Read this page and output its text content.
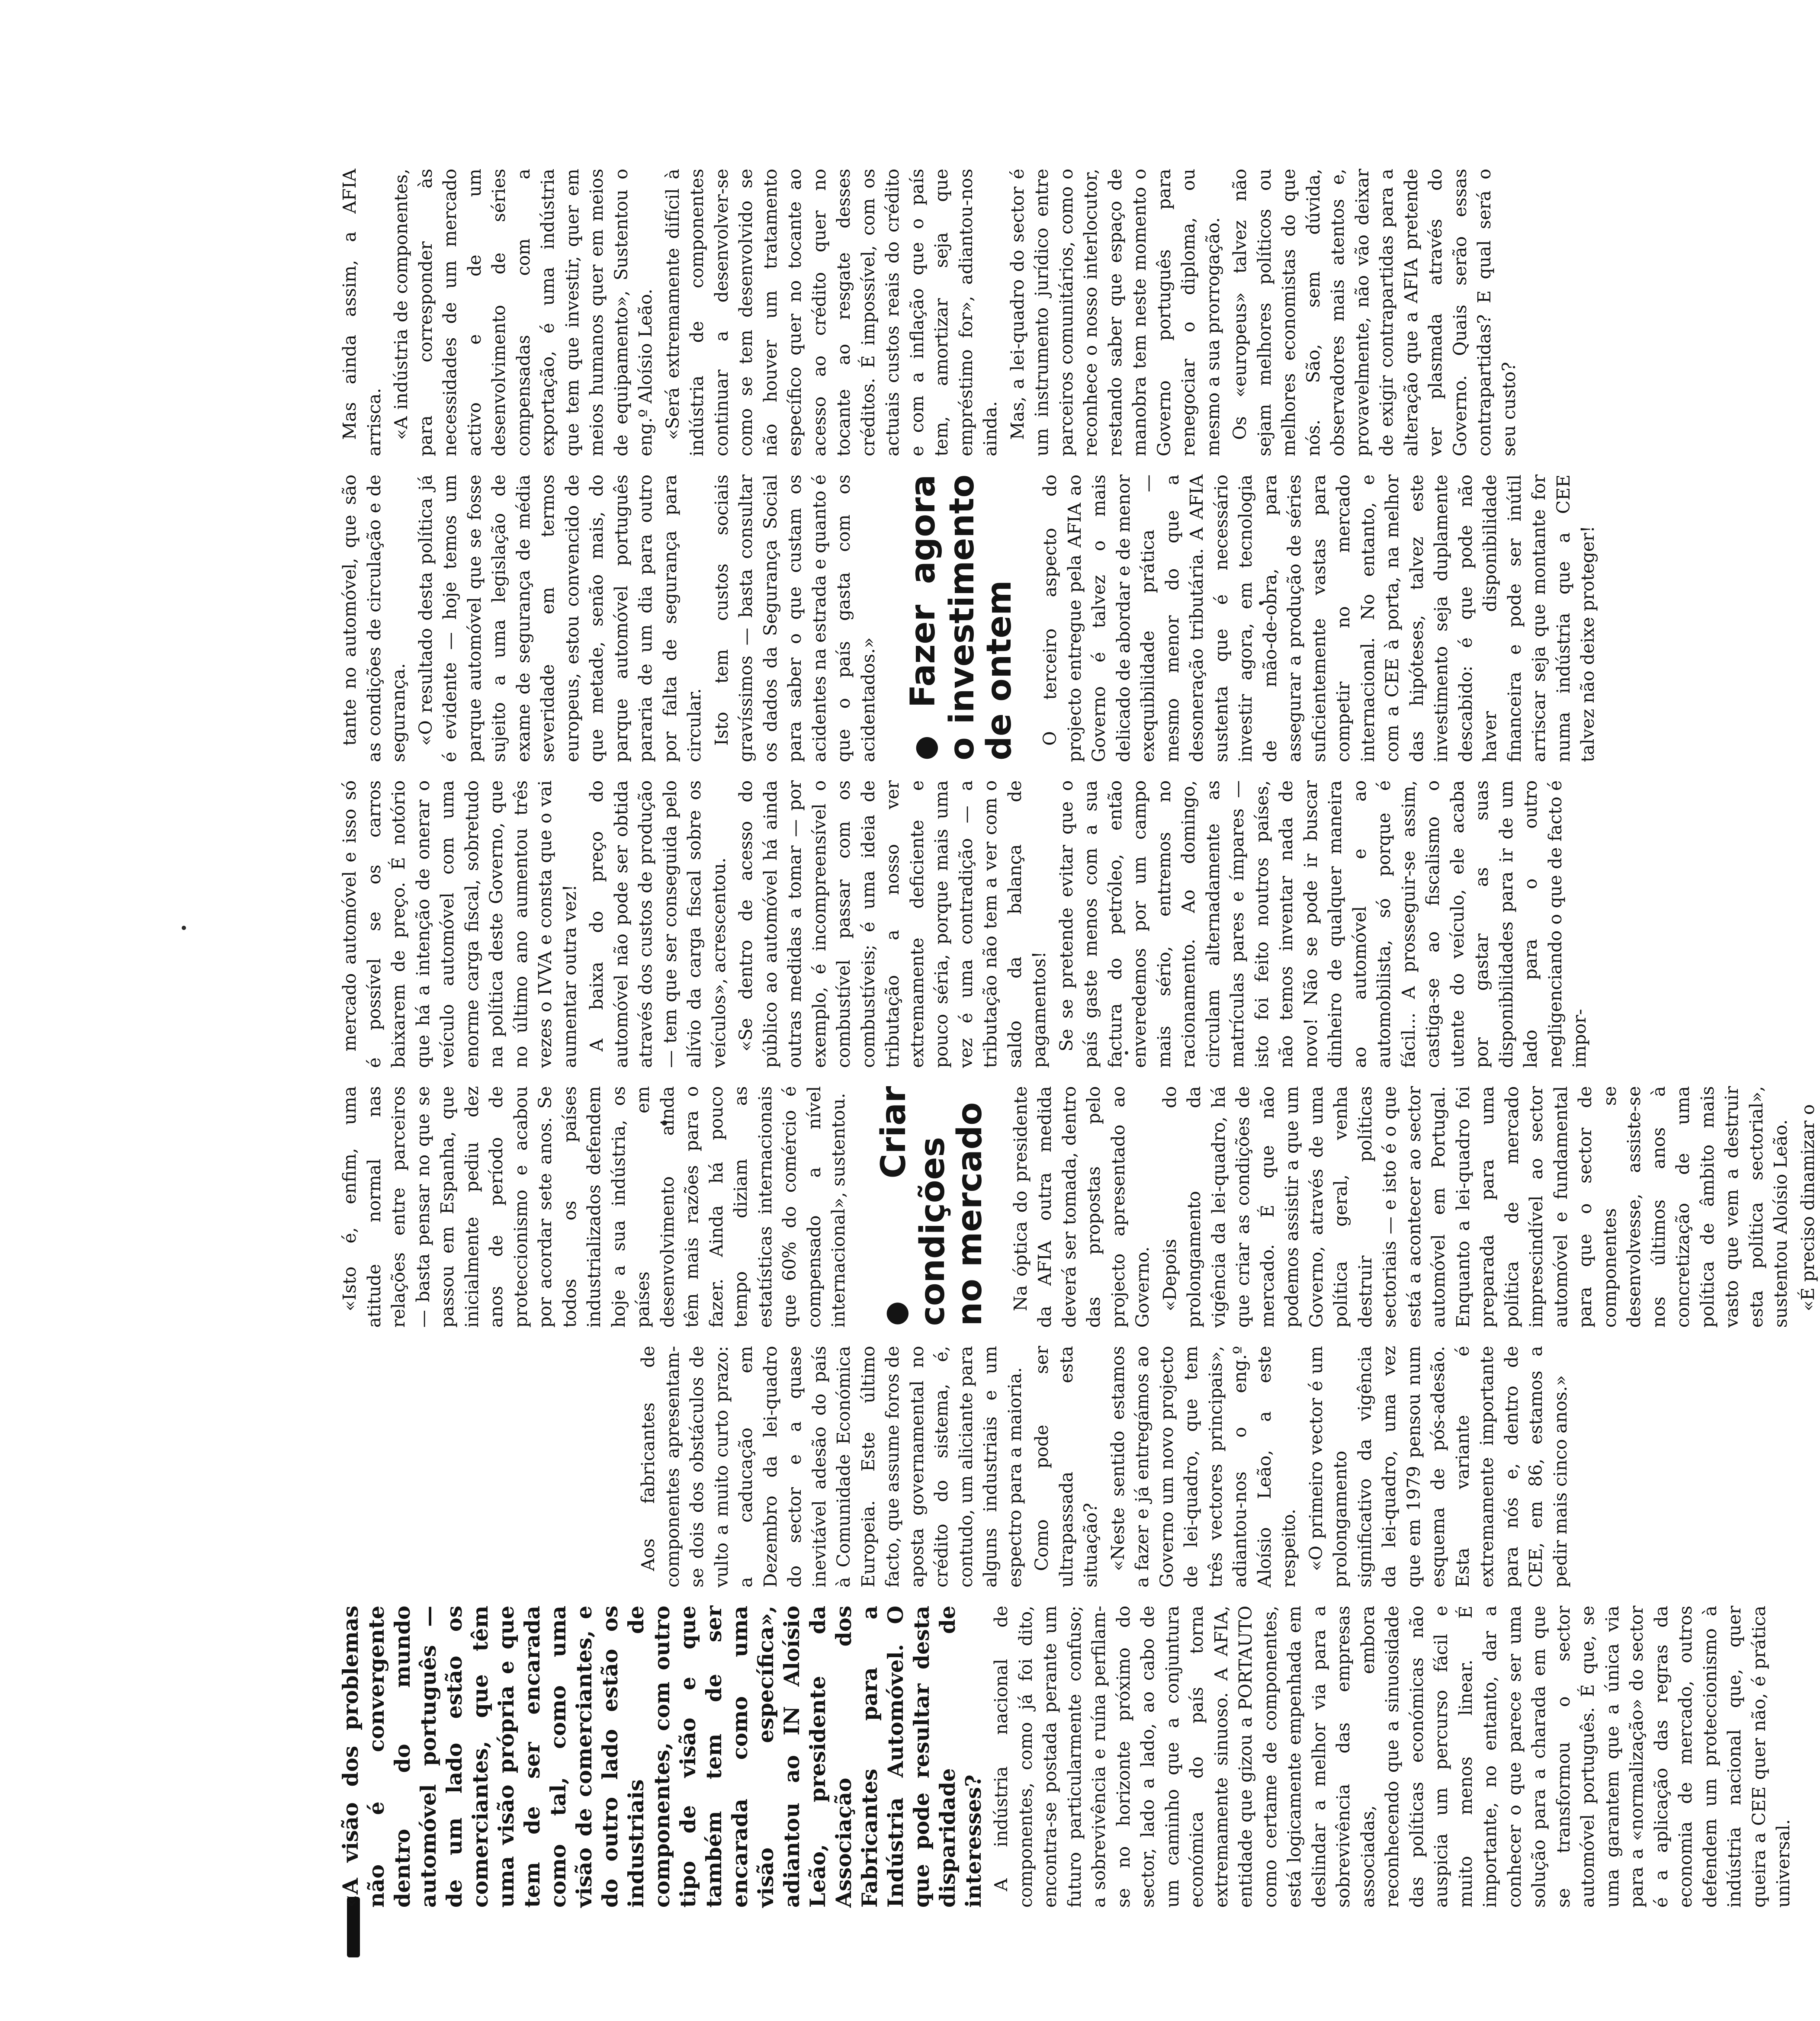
«A visão dos problemas não é convergente dentro do mundo automóvel português — de um lado estão os comerciantes, que têm uma visão própria e que tem de ser encarada como tal, como uma visão de comerciantes, e do outro lado estão os industriais de componentes, com outro tipo de visão e que também tem de ser encarada como uma visão específica», adiantou ao IN Aloísio Leão, presidente da Associação dos Fabricantes para a Indústria Automóvel. O que pode resultar desta disparidade de interesses? A indústria nacional de componentes, como já foi dito, encontra-se postada perante um futuro particularmente confuso; a sobrevivência e ruína perfilam-se no horizonte próximo do sector, lado a lado, ao cabo de um caminho que a conjuntura económica do país torna extremamente sinuoso. A AFIA, entidade que gizou a PORTAUTO como certame de componentes, está logicamente empenhada em deslindar a melhor via para a sobrevivência das empresas associadas, embora reconhecendo que a sinuosidade das políticas económicas não auspicia um percurso fácil e muito menos linear. É importante, no entanto, dar a conhecer o que parece ser uma solução para a charada em que se transformou o sector automóvel português. É que, se uma garantem que a única via para a «normalização» do sector é a aplicação das regras da economia de mercado, outros defendem um proteccionismo à indústria nacional que, quer queira a CEE quer não, é prática universal.

Aos fabricantes de componentes apresentam-se dois dos obstáculos de vulto a muito curto prazo: a caducação em Dezembro da lei-quadro do sector e a quase inevitável adesão do país à Comunidade Económica Europeia. Este último facto, que assume foros de aposta governamental no crédito do sistema, é, contudo, um aliciante para alguns industriais e um espectro para a maioria. Como pode ser ultrapassada esta situação? «Neste sentido estamos a fazer e já entregámos ao Governo um novo projecto de lei-quadro, que tem três vectores principais», adiantou-nos o eng.º Aloísio Leão, a este respeito. «O primeiro vector é um prolongamento significativo da vigência da lei-quadro, uma vez que em 1979 pensou num esquema de pós-adesão. Esta variante é extremamente importante para nós e, dentro de CEE, em 86, estamos a pedir mais cinco anos.»

«Isto é, enfim, uma atitude normal nas relações entre parceiros — basta pensar no que se passou em Espanha, que inicialmente pediu dez anos de período de proteccionismo e acabou por acordar sete anos. Se todos os países industrializados defendem hoje a sua indústria, os países em desenvolvimento ainda têm mais razões para o fazer. Ainda há pouco tempo diziam as estatísticas internacionais que 60% do comércio é compensado a nível internacional», sustentou. ● Criar condições no mercado Na óptica do presidente da AFIA outra medida deverá ser tomada, dentro das propostas pelo projecto apresentado ao Governo. «Depois do prolongamento da vigência da lei-quadro, há que criar as condições de mercado. É que não podemos assistir a que um Governo, através de uma política geral, venha destruir políticas sectoriais — e isto é o que está a acontecer ao sector automóvel em Portugal. Enquanto a lei-quadro foi preparada para uma política de mercado imprescindível ao sector automóvel e fundamental para que o sector de componentes se desenvolvesse, assiste-se nos últimos anos à concretização de uma política de âmbito mais vasto que vem a destruir esta política sectorial», sustentou Aloísio Leão. «É preciso dinamizar o

mercado automóvel e isso só é possível se os carros baixarem de preço. É notório que há a intenção de onerar o veículo automóvel com uma enorme carga fiscal, sobretudo na política deste Governo, que no último ano aumentou três vezes o IVVA e consta que o vai aumentar outra vez! A baixa do preço do automóvel não pode ser obtida através dos custos de produção — tem que ser conseguida pelo alívio da carga fiscal sobre os veículos», acrescentou. «Se dentro de acesso do público ao automóvel há ainda outras medidas a tomar — por exemplo, é incompreensível o combustível passar com os combustíveis; é uma ideia de tributação a nosso ver extremamente deficiente e pouco séria, porque mais uma vez é uma contradição — a tributação não tem a ver com o saldo da balança de pagamentos! Se se pretende evitar que o país gaste menos com a sua factura do petróleo, então enveredemos por um campo mais sério, entremos no racionamento. Ao domingo, circulam alternadamente as matrículas pares e ímpares — isto foi feito noutros países, não temos inventar nada de novo! Não se pode ir buscar dinheiro de qualquer maneira ao automóvel e ao automobilista, só porque é fácil... A prosseguir-se assim, castiga-se ao fiscalismo o utente do veículo, ele acaba por gastar as suas disponibilidades para ir de um lado para o outro negligenciando o que de facto é impor-

tante no automóvel, que são as condições de circulação e de segurança. «O resultado desta política já é evidente — hoje temos um parque automóvel que se fosse sujeito a uma legislação de exame de segurança de média severidade em termos europeus, estou convencido de que metade, senão mais, do parque automóvel português pararia de um dia para outro por falta de segurança para circular. Isto tem custos sociais gravíssimos — basta consultar os dados da Segurança Social para saber o que custam os acidentes na estrada e quanto é que o país gasta com os acidentados.» ● Fazer agora o investimento de ontem O terceiro aspecto do projecto entregue pela AFIA ao Governo é talvez o mais delicado de abordar e de menor exequibilidade prática — mesmo menor do que a desoneração tributária. A AFIA sustenta que é necessário investir agora, em tecnologia de mão-de-obra, para assegurar a produção de séries suficientemente vastas para competir no mercado internacional. No entanto, e com a CEE à porta, na melhor das hipóteses, talvez este investimento seja duplamente descabido: é que pode não haver disponibilidade financeira e pode ser inútil arriscar seja que montante for numa indústria que a CEE talvez não deixe proteger!

Mas ainda assim, a AFIA arrisca. «A indústria de componentes, para corresponder às necessidades de um mercado activo e de um desenvolvimento de séries compensadas com a exportação, é uma indústria que tem que investir, quer em meios humanos quer em meios de equipamento», Sustentou o eng.º Aloísio Leão. «Será extremamente difícil à indústria de componentes continuar a desenvolver-se como se tem desenvolvido se não houver um tratamento específico quer no tocante ao acesso ao crédito quer no tocante ao resgate desses créditos. É impossível, com os actuais custos reais do crédito e com a inflação que o país tem, amortizar seja que empréstimo for», adiantou-nos ainda. Mas, a lei-quadro do sector é um instrumento jurídico entre parceiros comunitários, como o reconhece o nosso interlocutor, restando saber que espaço de manobra tem neste momento o Governo português para renegociar o diploma, ou mesmo a sua prorrogação. Os «europeus» talvez não sejam melhores políticos ou melhores economistas do que nós. São, sem dúvida, observadores mais atentos e, provavelmente, não vão deixar de exigir contrapartidas para a alteração que a AFIA pretende ver plasmada através do Governo. Quais serão essas contrapartidas? E qual será o seu custo?
